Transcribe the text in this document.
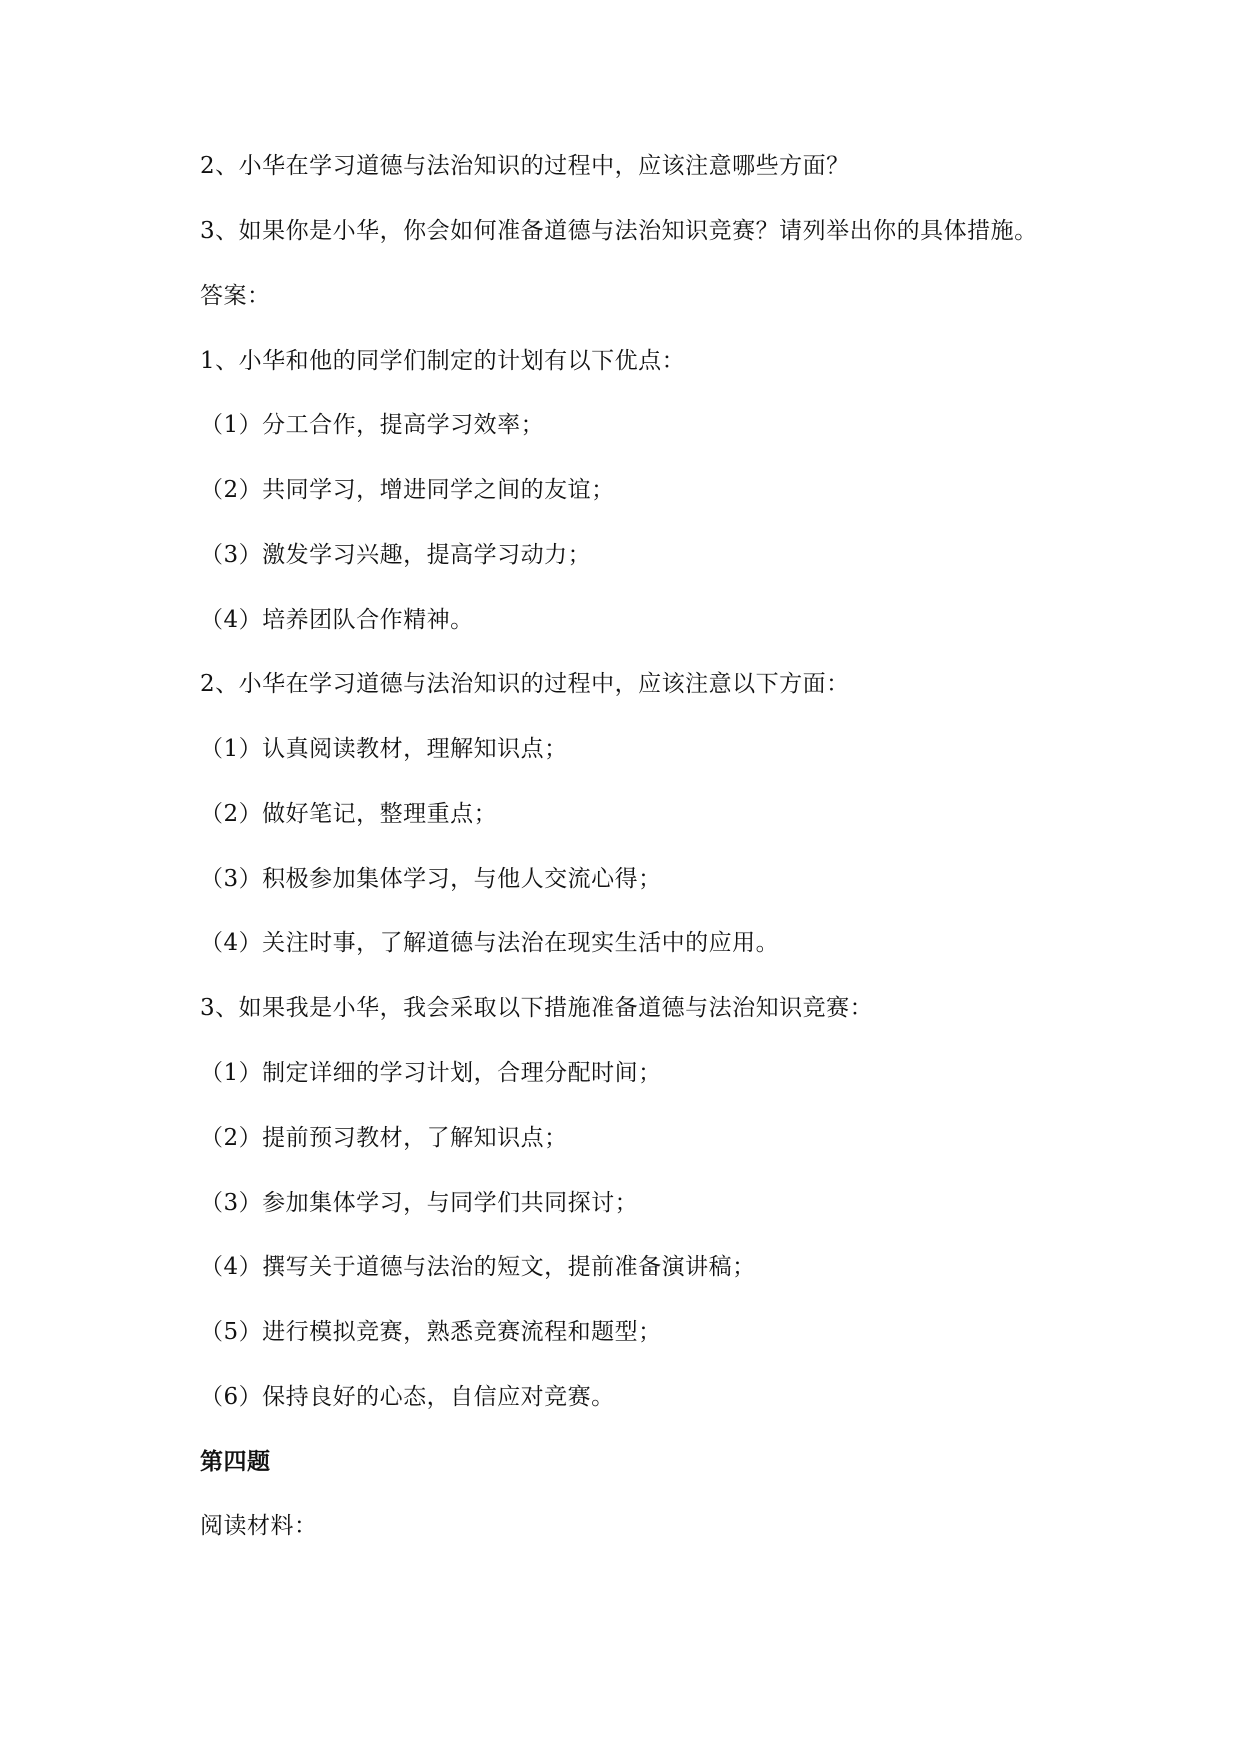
2、小华在学习道德与法治知识的过程中，应该注意哪些方面？
3、如果你是小华，你会如何准备道德与法治知识竞赛？请列举出你的具体措施。
答案：
1、小华和他的同学们制定的计划有以下优点：
（1）分工合作，提高学习效率；
（2）共同学习，增进同学之间的友谊；
（3）激发学习兴趣，提高学习动力；
（4）培养团队合作精神。
2、小华在学习道德与法治知识的过程中，应该注意以下方面：
（1）认真阅读教材，理解知识点；
（2）做好笔记，整理重点；
（3）积极参加集体学习，与他人交流心得；
（4）关注时事，了解道德与法治在现实生活中的应用。
3、如果我是小华，我会采取以下措施准备道德与法治知识竞赛：
（1）制定详细的学习计划，合理分配时间；
（2）提前预习教材，了解知识点；
（3）参加集体学习，与同学们共同探讨；
（4）撰写关于道德与法治的短文，提前准备演讲稿；
（5）进行模拟竞赛，熟悉竞赛流程和题型；
（6）保持良好的心态，自信应对竞赛。
第四题
阅读材料：
